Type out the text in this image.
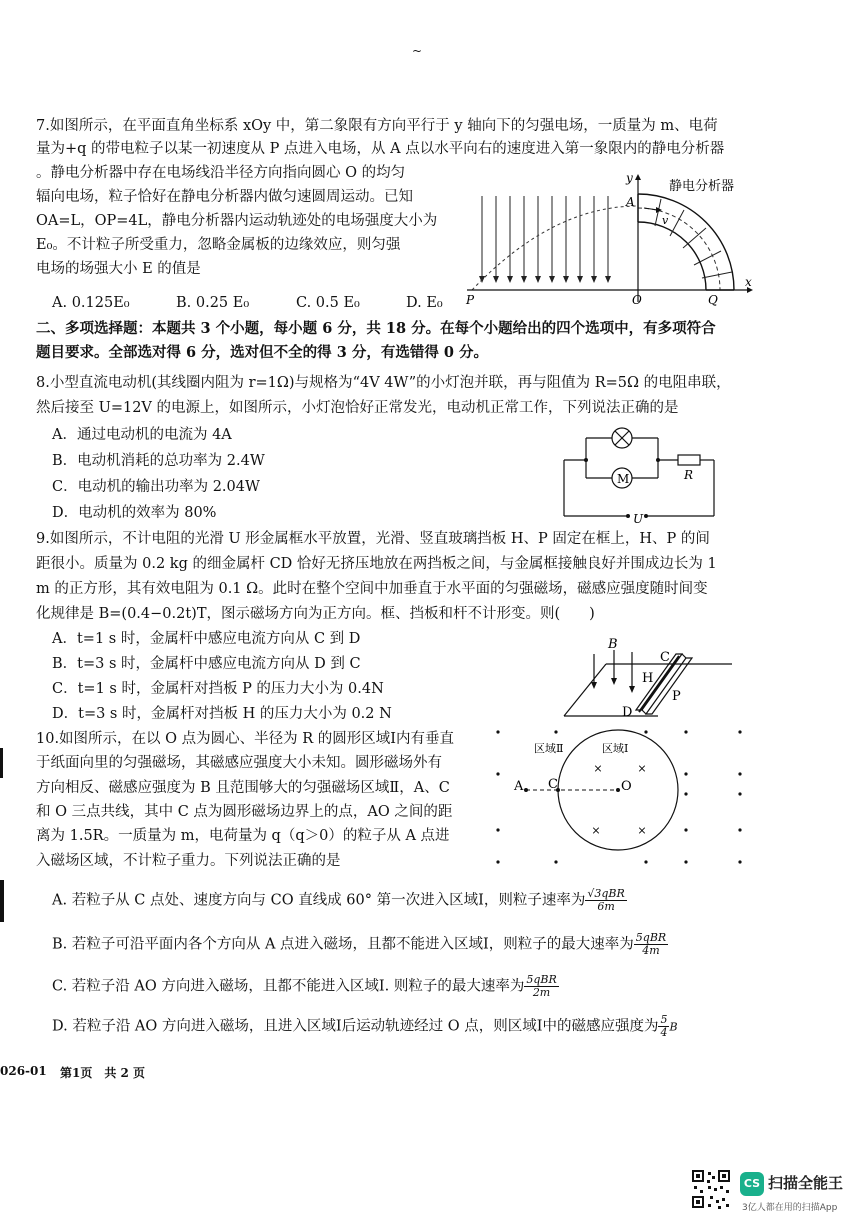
~
7.如图所示，在平面直角坐标系 xOy 中，第二象限有方向平行于 y 轴向下的匀强电场，一质量为 m、电荷
量为+q 的带电粒子以某一初速度从 P 点进入电场，从 A 点以水平向右的速度进入第一象限内的静电分析器
。静电分析器中存在电场线沿半径方向指向圆心 O 的均匀
辐向电场，粒子恰好在静电分析器内做匀速圆周运动。已知
OA=L，OP=4L，静电分析器内运动轨迹处的电场强度大小为
E₀。不计粒子所受重力，忽略金属板的边缘效应，则匀强
电场的场强大小 E 的值是
A. 0.125E₀	B. 0.25 E₀	C. 0.5 E₀	D. E₀
静电分析器
y
x
A
v
P	O	Q
二、多项选择题：本题共 3 个小题，每小题 6 分，共 18 分。在每个小题给出的四个选项中，有多项符合
题目要求。全部选对得 6 分，选对但不全的得 3 分，有选错得 0 分。
8.小型直流电动机(其线圈内阻为 r=1Ω)与规格为“4V 4W”的小灯泡并联，再与阻值为 R=5Ω 的电阻串联，
然后接至 U=12V 的电源上，如图所示，小灯泡恰好正常发光，电动机正常工作，下列说法正确的是
A．通过电动机的电流为 4A
B．电动机消耗的总功率为 2.4W
C．电动机的输出功率为 2.04W
D．电动机的效率为 80%
M	R
U
9.如图所示，不计电阻的光滑 U 形金属框水平放置，光滑、竖直玻璃挡板 H、P 固定在框上，H、P 的间
距很小。质量为 0.2 kg 的细金属杆 CD 恰好无挤压地放在两挡板之间，与金属框接触良好并围成边长为 1
m 的正方形，其有效电阻为 0.1 Ω。此时在整个空间中加垂直于水平面的匀强磁场，磁感应强度随时间变
化规律是 B=(0.4−0.2t)T，图示磁场方向为正方向。框、挡板和杆不计形变。则(　　)
A．t=1 s 时，金属杆中感应电流方向从 C 到 D
B．t=3 s 时，金属杆中感应电流方向从 D 到 C
C．t=1 s 时，金属杆对挡板 P 的压力大小为 0.4N
D．t=3 s 时，金属杆对挡板 H 的压力大小为 0.2 N
B
C
H
P
D
10.如图所示，在以 O 点为圆心、半径为 R 的圆形区域Ⅰ内有垂直
于纸面向里的匀强磁场，其磁感应强度大小未知。圆形磁场外有
方向相反、磁感应强度为 B 且范围够大的匀强磁场区域Ⅱ，A、C
和 O 三点共线，其中 C 点为圆形磁场边界上的点，AO 之间的距
离为 1.5R。一质量为 m，电荷量为 q（q＞0）的粒子从 A 点进
入磁场区域，不计粒子重力。下列说法正确的是
×	×
×	×
区域Ⅱ	区域Ⅰ
A C	O
A. 若粒子从 C 点处、速度方向与 CO 直线成 60° 第一次进入区域Ⅰ，则粒子速率为 $\frac{\text{√3qBR}}{6m}$
B. 若粒子可沿平面内各个方向从 A 点进入磁场，且都不能进入区域Ⅰ，则粒子的最大速率为 $\frac{\text{5qBR}}{4m}$
C. 若粒子沿 AO 方向进入磁场，且都不能进入区域Ⅰ. 则粒子的最大速率为 $\frac{\text{5qBR}}{2m}$
D. 若粒子沿 AO 方向进入磁场，且进入区域Ⅰ后运动轨迹经过 O 点，则区域Ⅰ中的磁感应强度为 $\frac{5}{4}$ B
026-01 第1页　共 2 页
CS 扫描全能王
3亿人都在用的扫描App
